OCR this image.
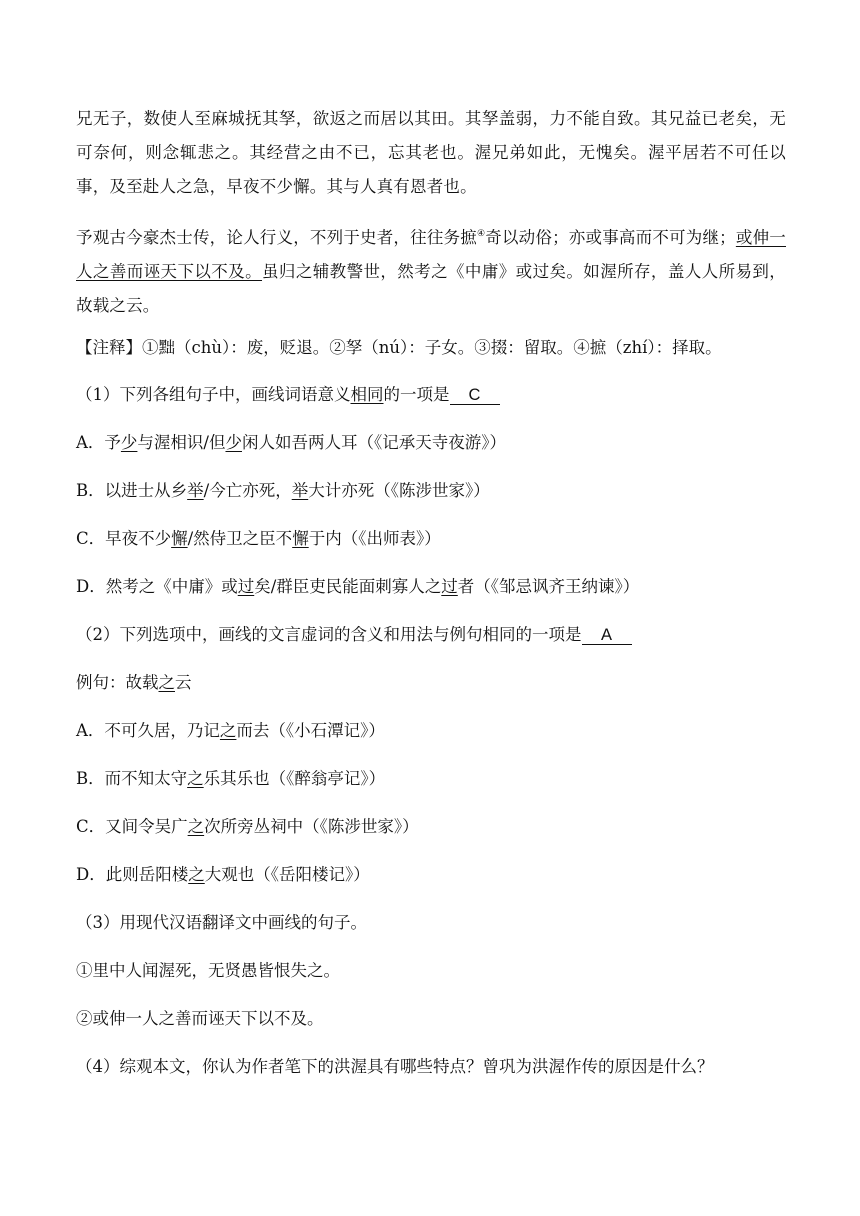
兄无子，数使人至麻城抚其孥，欲返之而居以其田。其孥盖弱，力不能自致。其兄益已老矣，无可奈何，则念辄悲之。其经营之由不已，忘其老也。渥兄弟如此，无愧矣。渥平居若不可任以事，及至赴人之急，早夜不少懈。其与人真有恩者也。

予观古今豪杰士传，论人行义，不列于史者，往往务摭④奇以动俗；亦或事高而不可为继；或伸一人之善而诬天下以不及。虽归之辅教警世，然考之《中庸》或过矣。如渥所存，盖人人所易到，故载之云。

【注释】①黜（chù）：废，贬退。②孥（nú）：子女。③掇：留取。④摭（zhí）：择取。

（1）下列各组句子中，画线词语意义相同的一项是 C

A．予少与渥相识/但少闲人如吾两人耳（《记承天寺夜游》）

B．以进士从乡举/今亡亦死，举大计亦死（《陈涉世家》）

C．早夜不少懈/然侍卫之臣不懈于内（《出师表》）

D．然考之《中庸》或过矣/群臣吏民能面刺寡人之过者（《邹忌讽齐王纳谏》）

（2）下列选项中，画线的文言虚词的含义和用法与例句相同的一项是 A

例句：故载之云

A．不可久居，乃记之而去（《小石潭记》）

B．而不知太守之乐其乐也（《醉翁亭记》）

C．又间令吴广之次所旁丛祠中（《陈涉世家》）

D．此则岳阳楼之大观也（《岳阳楼记》）

（3）用现代汉语翻译文中画线的句子。

①里中人闻渥死，无贤愚皆恨失之。

②或伸一人之善而诬天下以不及。

（4）综观本文，你认为作者笔下的洪渥具有哪些特点？曾巩为洪渥作传的原因是什么？
